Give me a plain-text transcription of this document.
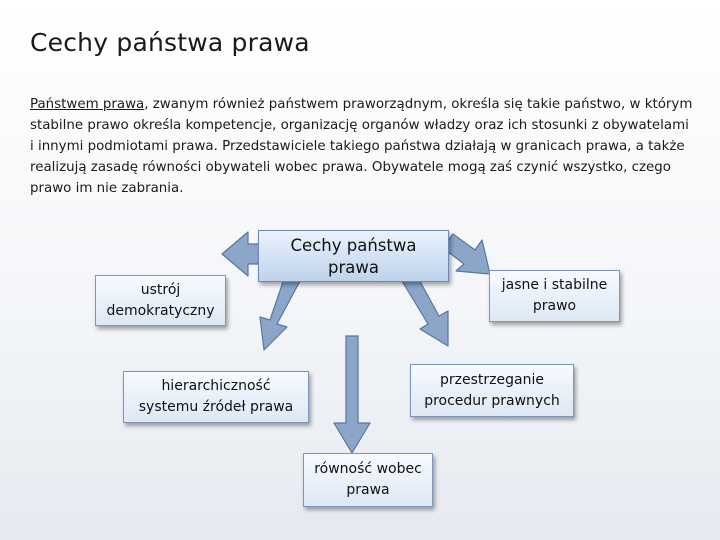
Cechy państwa prawa

Państwem prawa, zwanym również państwem praworządnym, określa się takie państwo, w którym stabilne prawo określa kompetencje, organizację organów władzy oraz ich stosunki z obywatelami i innymi podmiotami prawa. Przedstawiciele takiego państwa działają w granicach prawa, a także realizują zasadę równości obywateli wobec prawa. Obywatele mogą zaś czynić wszystko, czego prawo im nie zabrania.

Cechy państwa
prawa
ustrój
demokratyczny
jasne i stabilne
prawo
hierarchiczność
systemu źródeł prawa
przestrzeganie
procedur prawnych
równość wobec
prawa
